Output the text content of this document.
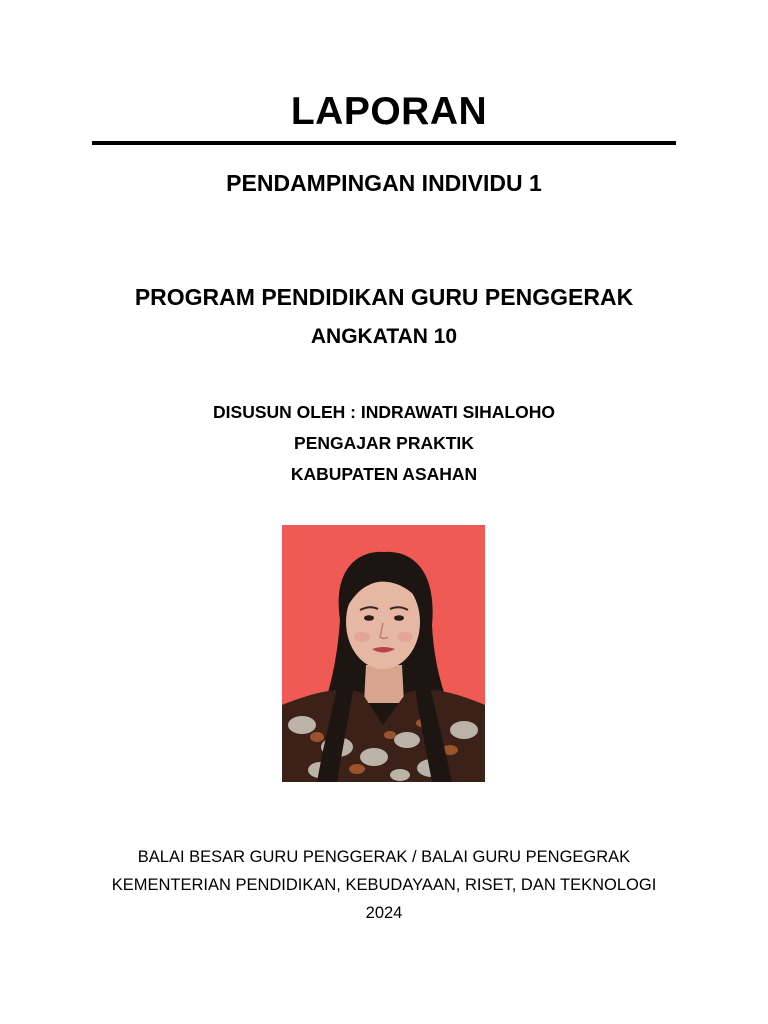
LAPORAN
PENDAMPINGAN INDIVIDU 1
PROGRAM PENDIDIKAN GURU PENGGERAK
ANGKATAN 10
DISUSUN OLEH : INDRAWATI SIHALOHO
PENGAJAR PRAKTIK
KABUPATEN ASAHAN
BALAI BESAR GURU PENGGERAK / BALAI GURU PENGEGRAK
KEMENTERIAN PENDIDIKAN, KEBUDAYAAN, RISET, DAN TEKNOLOGI
2024
